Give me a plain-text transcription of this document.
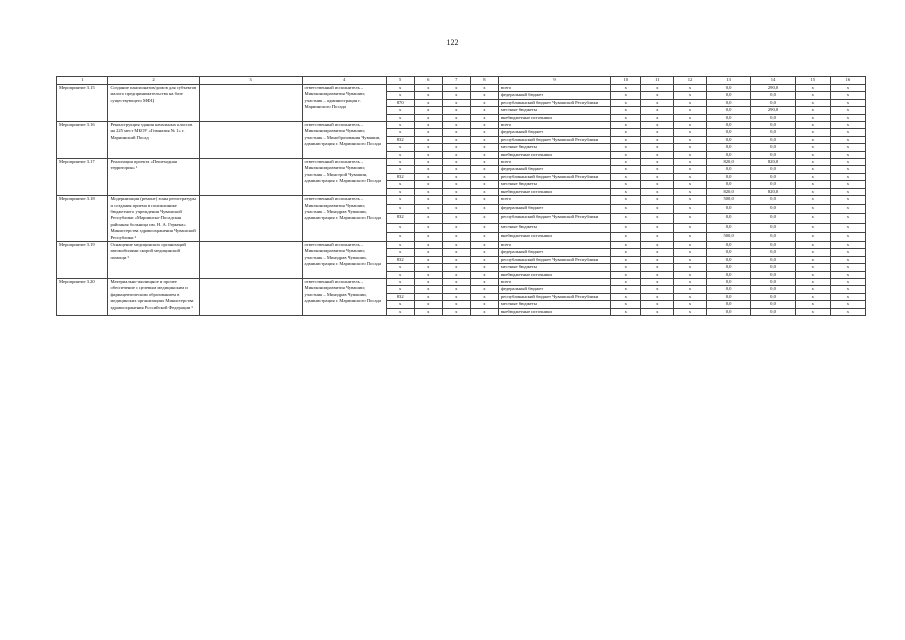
122
1	2	3	4	5	6	7	8	9	10	11	12	13	14	15	16
Мероприятие 3.15	Создание пансионатов/домов для субъектов малого предпринимательства на базе существующего МФЦ		ответственный исполнитель – Минэкономразвития Чувашии; участник – администрация г. Мариинского Посада	x	x	x	x	всего	x	x	x	0,0	290,0	x	x
				x	x	x	x	федеральный бюджет	x	x	x	0,0	0,0	x	x
				870	x	x	x	республиканский бюджет Чувашской Республики	x	x	x	0,0	0,0	x	x
				x	x	x	x	местные бюджеты	x	x	x	0,0	290,0	x	x
				x	x	x	x	внебюджетные источники	x	x	x	0,0	0,0	x	x
Мероприятие 3.16	Реконструкция здания начальных классов на 225 мест МБОУ «Гимназия № 1» г. Мариинский Посад		ответственный исполнитель – Минэкономразвития Чувашии; участник – Минобразования Чувашии, администрация г. Мариинского Посада	x	x	x	x	всего	x	x	x	0,0	0,0	x	x
				x	x	x	x	федеральный бюджет	x	x	x	0,0	0,0	x	x
				832	x	x	x	республиканский бюджет Чувашской Республики	x	x	x	0,0	0,0	x	x
				x	x	x	x	местные бюджеты	x	x	x	0,0	0,0	x	x
				x	x	x	x	внебюджетные источники	x	x	x	0,0	0,0	x	x
Мероприятие 3.17	Реализация проекта «Пешеходная территория» ¹		ответственный исполнитель – Минэкономразвития Чувашии; участник – Минстрой Чувашии, администрация г. Мариинского Посада	x	x	x	x	всего	x	x	x	820,0	820,0	x	x
				x	x	x	x	федеральный бюджет	x	x	x	0,0	0,0	x	x
				832	x	x	x	республиканский бюджет Чувашской Республики	x	x	x	0,0	0,0	x	x
				x	x	x	x	местные бюджеты	x	x	x	0,0	0,0	x	x
				x	x	x	x	внебюджетные источники	x	x	x	820,0	820,0	x	x
Мероприятие 3.18	Модернизация (ремонт) зоны регистратуры и создания приема в поликлинике бюджетного учреждения Чувашской Республики «Мариинско-Посадская районная больница им. Н. А. Геркена» Министерства здравоохранения Чувашской Республики ²		ответственный исполнитель – Минэкономразвития Чувашии; участник – Минздрав Чувашии, администрация г. Мариинского Посада	x	x	x	x	всего	x	x	x	500,0	0,0	x	x
				x	x	x	x	федеральный бюджет	x	x	x	0,0	0,0	x	x
				832	x	x	x	республиканский бюджет Чувашской Республики	x	x	x	0,0	0,0	x	x
				x	x	x	x	местные бюджеты	x	x	x	0,0	0,0	x	x
				x	x	x	x	внебюджетные источники	x	x	x	500,0	0,0	x	x
Мероприятие 3.19	Оснащение медицинских организаций автомобилями скорой медицинской помощи ³		ответственный исполнитель – Минэкономразвития Чувашии; участник – Минздрав Чувашии, администрация г. Мариинского Посада	x	x	x	x	всего	x	x	x	0,0	0,0	x	x
				x	x	x	x	федеральный бюджет	x	x	x	0,0	0,0	x	x
				832	x	x	x	республиканский бюджет Чувашской Республики	x	x	x	0,0	0,0	x	x
				x	x	x	x	местные бюджеты	x	x	x	0,0	0,0	x	x
				x	x	x	x	внебюджетные источники	x	x	x	0,0	0,0	x	x
Мероприятие 3.20	Материально-жилищное и прочее обеспечение с целевым медицинским и фармацевтическим образованием в медицинских организациях Министерства здравоохранения Российской Федерации ³		ответственный исполнитель – Минэкономразвития Чувашии; участник – Минздрав Чувашии, администрация г. Мариинского Посада	x	x	x	x	всего	x	x	x	0,0	0,0	x	x
				x	x	x	x	федеральный бюджет	x	x	x	0,0	0,0	x	x
				832	x	x	x	республиканский бюджет Чувашской Республики	x	x	x	0,0	0,0	x	x
				x	x	x	x	местные бюджеты	x	x	x	0,0	0,0	x	x
				x	x	x	x	внебюджетные источники	x	x	x	0,0	0,0	x	x
